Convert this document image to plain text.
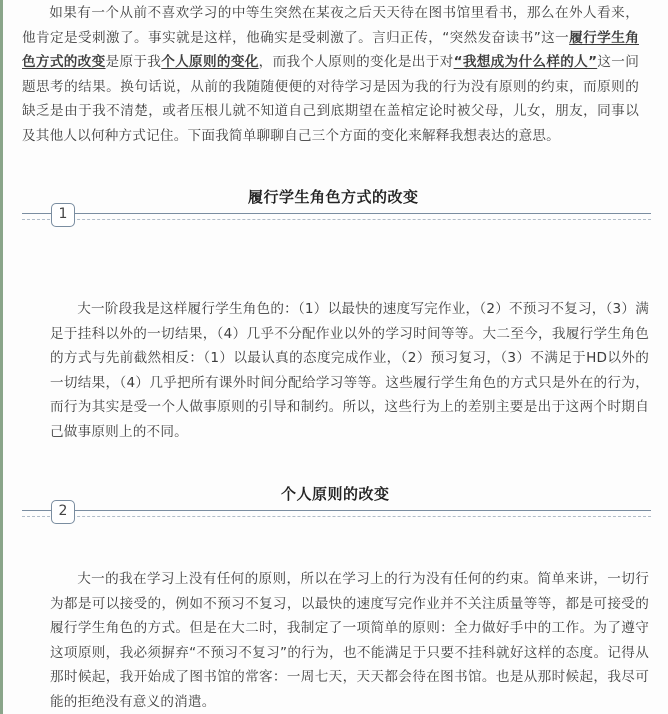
如果有一个从前不喜欢学习的中等生突然在某夜之后天天待在图书馆里看书，那么在外人看来，他肯定是受刺激了。事实就是这样，他确实是受刺激了。言归正传，“突然发奋读书”这一履行学生角色方式的改变是原于我个人原则的变化，而我个人原则的变化是出于对“我想成为什么样的人”这一问题思考的结果。换句话说，从前的我随随便便的对待学习是因为我的行为没有原则的约束，而原则的缺乏是由于我不清楚，或者压根儿就不知道自己到底期望在盖棺定论时被父母，儿女，朋友，同事以及其他人以何种方式记住。下面我简单聊聊自己三个方面的变化来解释我想表达的意思。

履行学生角色方式的改变
1

大一阶段我是这样履行学生角色的：（1）以最快的速度写完作业，（2）不预习不复习，（3）满足于挂科以外的一切结果，（4）几乎不分配作业以外的学习时间等等。大二至今，我履行学生角色的方式与先前截然相反：（1）以最认真的态度完成作业，（2）预习复习，（3）不满足于HD以外的一切结果，（4）几乎把所有课外时间分配给学习等等。这些履行学生角色的方式只是外在的行为，而行为其实是受一个人做事原则的引导和制约。所以，这些行为上的差别主要是出于这两个时期自己做事原则上的不同。

个人原则的改变
2

大一的我在学习上没有任何的原则，所以在学习上的行为没有任何的约束。简单来讲，一切行为都是可以接受的，例如不预习不复习，以最快的速度写完作业并不关注质量等等，都是可接受的履行学生角色的方式。但是在大二时，我制定了一项简单的原则：全力做好手中的工作。为了遵守这项原则，我必须摒弃“不预习不复习”的行为，也不能满足于只要不挂科就好这样的态度。记得从那时候起，我开始成了图书馆的常客：一周七天，天天都会待在图书馆。也是从那时候起，我尽可能的拒绝没有意义的消遣。
